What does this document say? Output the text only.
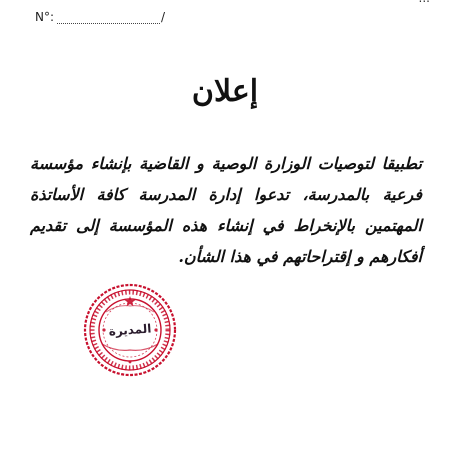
N°:	/
إعلان
تطبيقا لتوصيات الوزارة الوصية و القاضية بإنشاء مؤسسة فرعية بالمدرسة، تدعوا إدارة المدرسة كافة الأساتذة المهتمين بالإنخراط في إنشاء هذه المؤسسة إلى تقديم أفكارهم و إقتراحاتهم في هذا الشأن.
المديرة
